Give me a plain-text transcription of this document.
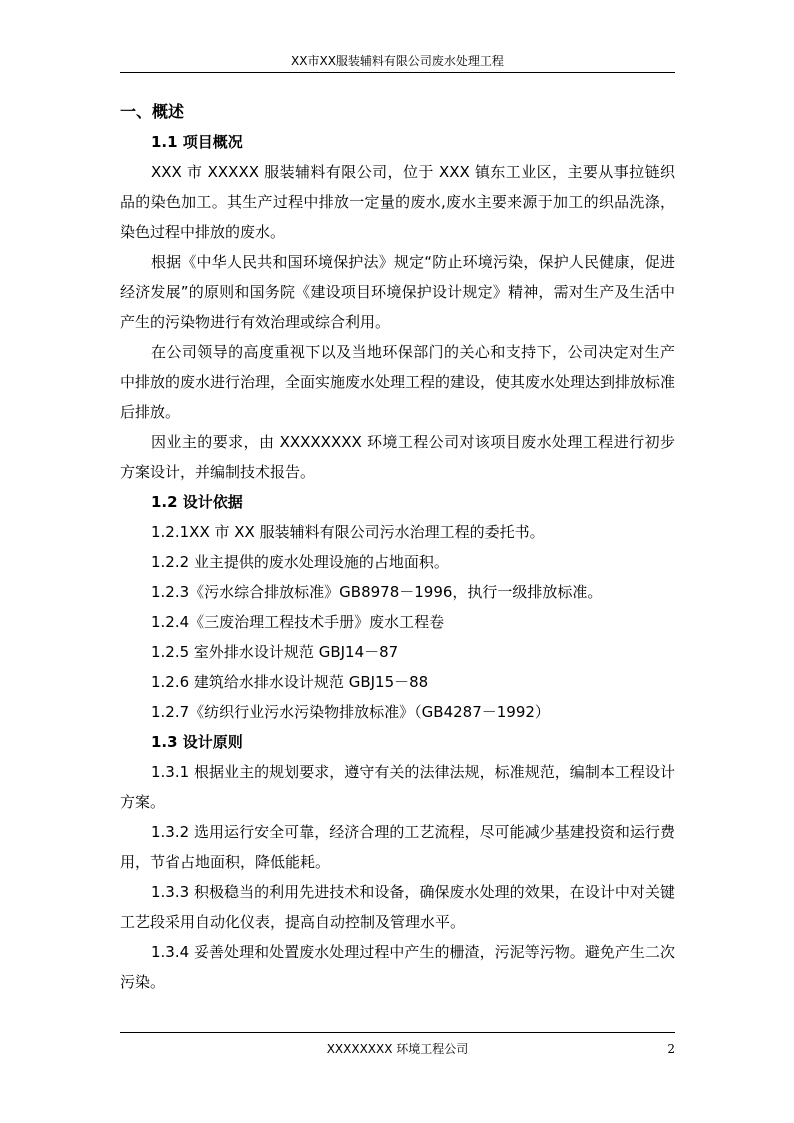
XX市XX服装辅料有限公司废水处理工程

一、概述

1.1 项目概况

XXX 市 XXXXX 服装辅料有限公司，位于 XXX 镇东工业区，主要从事拉链织品的染色加工。其生产过程中排放一定量的废水,废水主要来源于加工的织品洗涤，染色过程中排放的废水。

根据《中华人民共和国环境保护法》规定“防止环境污染，保护人民健康，促进经济发展”的原则和国务院《建设项目环境保护设计规定》精神，需对生产及生活中产生的污染物进行有效治理或综合利用。

在公司领导的高度重视下以及当地环保部门的关心和支持下，公司决定对生产中排放的废水进行治理，全面实施废水处理工程的建设，使其废水处理达到排放标准后排放。

因业主的要求，由 XXXXXXXX 环境工程公司对该项目废水处理工程进行初步方案设计，并编制技术报告。

1.2 设计依据

1.2.1XX 市 XX 服装辅料有限公司污水治理工程的委托书。

1.2.2 业主提供的废水处理设施的占地面积。

1.2.3《污水综合排放标准》GB8978－1996，执行一级排放标准。

1.2.4《三废治理工程技术手册》废水工程卷

1.2.5 室外排水设计规范 GBJ14－87

1.2.6 建筑给水排水设计规范 GBJ15－88

1.2.7《纺织行业污水污染物排放标准》（GB4287－1992）

1.3 设计原则

1.3.1 根据业主的规划要求，遵守有关的法律法规，标准规范，编制本工程设计方案。

1.3.2 选用运行安全可靠，经济合理的工艺流程，尽可能减少基建投资和运行费用，节省占地面积，降低能耗。

1.3.3 积极稳当的利用先进技术和设备，确保废水处理的效果，在设计中对关键工艺段采用自动化仪表，提高自动控制及管理水平。

1.3.4 妥善处理和处置废水处理过程中产生的栅渣，污泥等污物。避免产生二次污染。

XXXXXXXX 环境工程公司	2
